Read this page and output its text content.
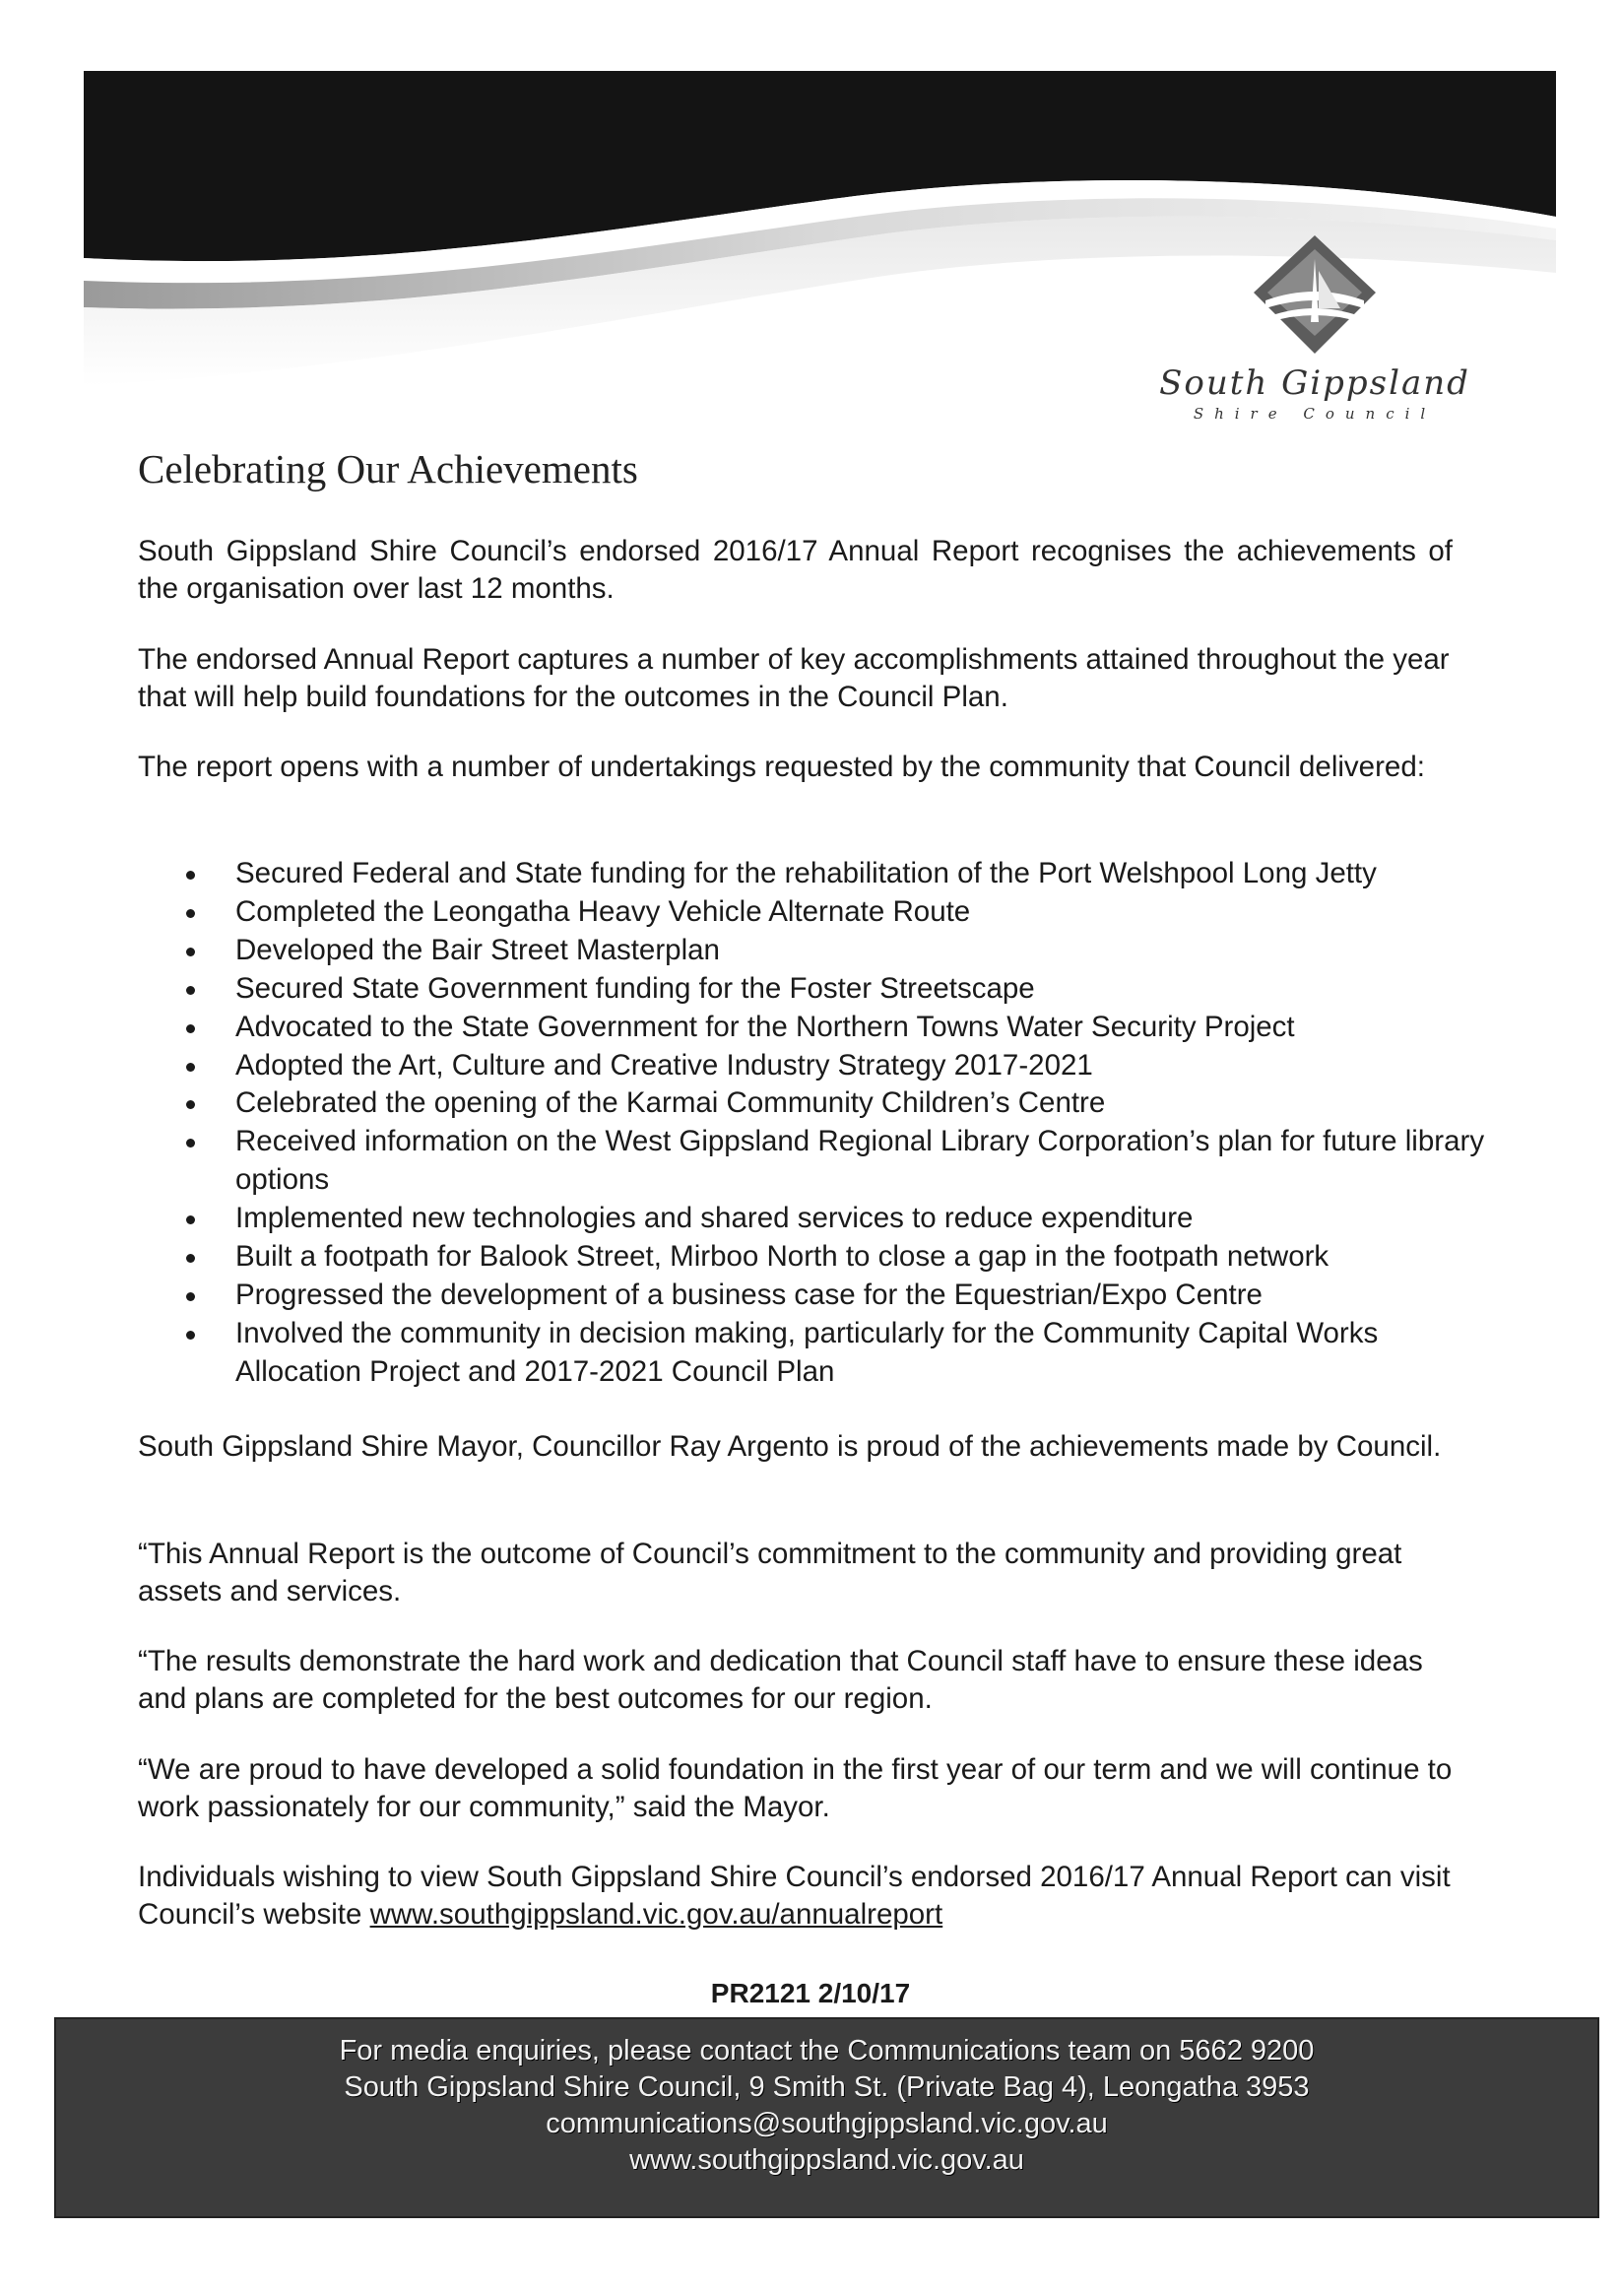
South Gippsland
Shire Council
Celebrating Our Achievements

South Gippsland Shire Council’s endorsed 2016/17 Annual Report recognises the achievements of the organisation over last 12 months.

The endorsed Annual Report captures a number of key accomplishments attained throughout the year that will help build foundations for the outcomes in the Council Plan.

The report opens with a number of undertakings requested by the community that Council delivered:

Secured Federal and State funding for the rehabilitation of the Port Welshpool Long Jetty
Completed the Leongatha Heavy Vehicle Alternate Route
Developed the Bair Street Masterplan
Secured State Government funding for the Foster Streetscape
Advocated to the State Government for the Northern Towns Water Security Project
Adopted the Art, Culture and Creative Industry Strategy 2017-2021
Celebrated the opening of the Karmai Community Children’s Centre
Received information on the West Gippsland Regional Library Corporation’s plan for future library options
Implemented new technologies and shared services to reduce expenditure
Built a footpath for Balook Street, Mirboo North to close a gap in the footpath network
Progressed the development of a business case for the Equestrian/Expo Centre
Involved the community in decision making, particularly for the Community Capital Works Allocation Project and 2017-2021 Council Plan

South Gippsland Shire Mayor, Councillor Ray Argento is proud of the achievements made by Council.

“This Annual Report is the outcome of Council’s commitment to the community and providing great assets and services.

“The results demonstrate the hard work and dedication that Council staff have to ensure these ideas and plans are completed for the best outcomes for our region.

“We are proud to have developed a solid foundation in the first year of our term and we will continue to work passionately for our community,” said the Mayor.

Individuals wishing to view South Gippsland Shire Council’s endorsed 2016/17 Annual Report can visit Council’s website www.southgippsland.vic.gov.au/annualreport

PR2121 2/10/17

For media enquiries, please contact the Communications team on 5662 9200
South Gippsland Shire Council, 9 Smith St. (Private Bag 4), Leongatha 3953
communications@southgippsland.vic.gov.au
www.southgippsland.vic.gov.au
